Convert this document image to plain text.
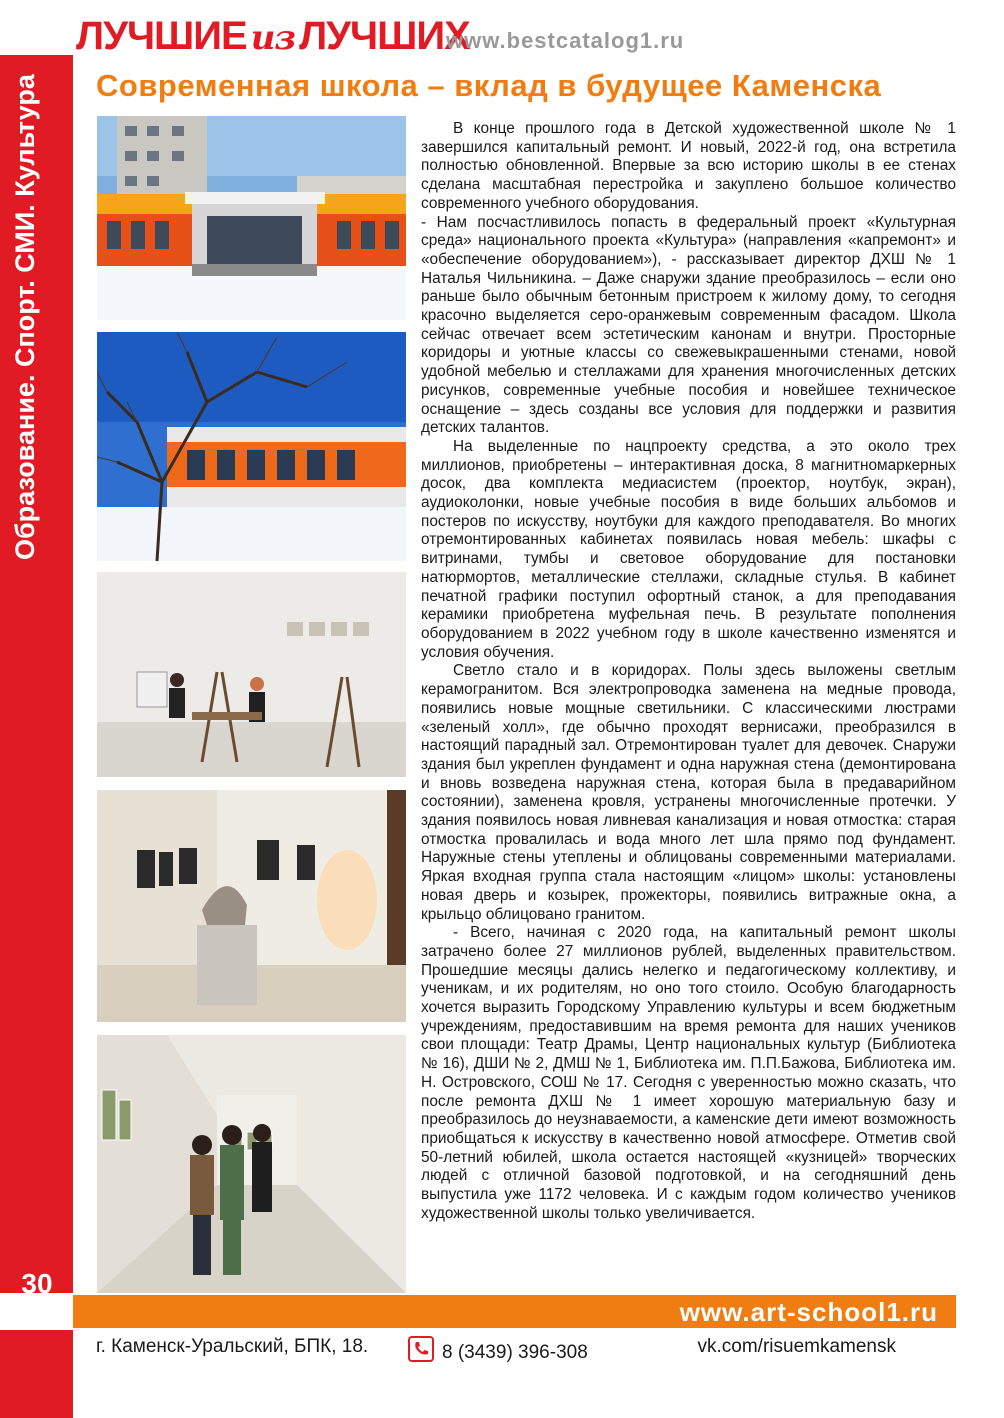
Образование. Спорт. СМИ. Культура
30
ЛУЧШИЕ из ЛУЧШИХ
www.bestcatalog1.ru
Современная школа – вклад в будущее Каменска

В конце прошлого года в Детской художественной школе № 1 завершился капитальный ремонт. И новый, 2022-й год, она встретила полностью обновленной. Впервые за всю историю школы в ее стенах сделана масштабная перестройка и закуплено большое количество современного учебного оборудования.

- Нам посчастливилось попасть в федеральный проект «Культурная среда» национального проекта «Культура» (направления «капремонт» и «обеспечение оборудованием»), - рассказывает директор ДХШ № 1 Наталья Чильникина. – Даже снаружи здание преобразилось – если оно раньше было обычным бетонным пристроем к жилому дому, то сегодня красочно выделяется серо-оранжевым современным фасадом. Школа сейчас отвечает всем эстетическим канонам и внутри. Просторные коридоры и уютные классы со свежевыкрашенными стенами, новой удобной мебелью и стеллажами для хранения многочисленных детских рисунков, современные учебные пособия и новейшее техническое оснащение – здесь созданы все условия для поддержки и развития детских талантов.

На выделенные по нацпроекту средства, а это около трех миллионов, приобретены – интерактивная доска, 8 магнитномаркерных досок, два комплекта медиасистем (проектор, ноутбук, экран), аудиоколонки, новые учебные пособия в виде больших альбомов и постеров по искусству, ноутбуки для каждого преподавателя. Во многих отремонтированных кабинетах появилась новая мебель: шкафы с витринами, тумбы и световое оборудование для постановки натюрмортов, металлические стеллажи, складные стулья. В кабинет печатной графики поступил офортный станок, а для преподавания керамики приобретена муфельная печь. В результате пополнения оборудованием в 2022 учебном году в школе качественно изменятся и условия обучения.

Светло стало и в коридорах. Полы здесь выложены светлым керамогранитом. Вся электропроводка заменена на медные провода, появились новые мощные светильники. С классическими люстрами «зеленый холл», где обычно проходят вернисажи, преобразился в настоящий парадный зал. Отремонтирован туалет для девочек. Снаружи здания был укреплен фундамент и одна наружная стена (демонтирована и вновь возведена наружная стена, которая была в предаварийном состоянии), заменена кровля, устранены многочисленные протечки. У здания появилось новая ливневая канализация и новая отмостка: старая отмостка провалилась и вода много лет шла прямо под фундамент. Наружные стены утеплены и облицованы современными материалами. Яркая входная группа стала настоящим «лицом» школы: установлены новая дверь и козырек, прожекторы, появились витражные окна, а крыльцо облицовано гранитом.

- Всего, начиная с 2020 года, на капитальный ремонт школы затрачено более 27 миллионов рублей, выделенных правительством. Прошедшие месяцы дались нелегко и педагогическому коллективу, и ученикам, и их родителям, но оно того стоило. Особую благодарность хочется выразить Городскому Управлению культуры и всем бюджетным учреждениям, предоставившим на время ремонта для наших учеников свои площади: Театр Драмы, Центр национальных культур (Библиотека № 16), ДШИ № 2, ДМШ № 1, Библиотека им. П.П.Бажова, Библиотека им. Н. Островского, СОШ № 17. Сегодня с уверенностью можно сказать, что после ремонта ДХШ № 1 имеет хорошую материальную базу и преобразилось до неузнаваемости, а каменские дети имеют возможность приобщаться к искусству в качественно новой атмосфере. Отметив свой 50-летний юбилей, школа остается настоящей «кузницей» творческих людей с отличной базовой подготовкой, и на сегодняшний день выпустила уже 1172 человека. И с каждым годом количество учеников художественной школы только увеличивается.

www.art-school1.ru
г. Каменск-Уральский, БПК, 18.	8 (3439) 396-308	vk.com/risuemkamensk
